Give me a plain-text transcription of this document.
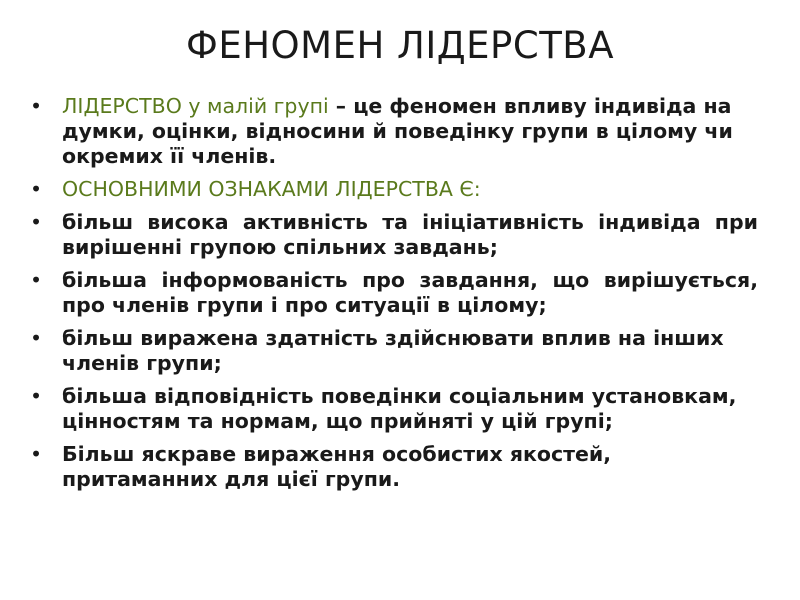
ФЕНОМЕН ЛІДЕРСТВА
• ЛІДЕРСТВО у малій групі – це феномен впливу індивіда на думки, оцінки, відносини й поведінку групи в цілому чи окремих її членів.
• ОСНОВНИМИ ОЗНАКАМИ ЛІДЕРСТВА Є:
• більш висока активність та ініціативність індивіда при вирішенні групою спільних завдань;
• більша інформованість про завдання, що вирішується, про членів групи і про ситуації в цілому;
• більш виражена здатність здійснювати вплив на інших членів групи;
• більша відповідність поведінки соціальним установкам, цінностям та нормам, що прийняті у цій групі;
• Більш яскраве вираження особистих якостей, притаманних для цієї групи.
